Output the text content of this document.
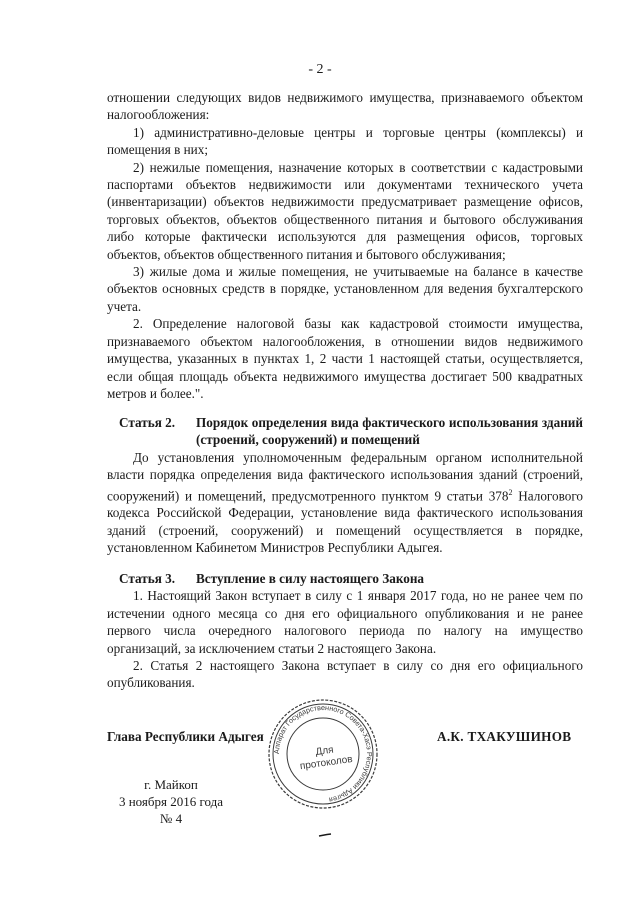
- 2 -

отношении следующих видов недвижимого имущества, признаваемого объектом налогообложения:

1) административно-деловые центры и торговые центры (комплексы) и помещения в них;

2) нежилые помещения, назначение которых в соответствии с кадастровыми паспортами объектов недвижимости или документами технического учета (инвентаризации) объектов недвижимости предусматривает размещение офисов, торговых объектов, объектов общественного питания и бытового обслуживания либо которые фактически используются для размещения офисов, торговых объектов, объектов общественного питания и бытового обслуживания;

3) жилые дома и жилые помещения, не учитываемые на балансе в качестве объектов основных средств в порядке, установленном для ведения бухгалтерского учета.

2. Определение налоговой базы как кадастровой стоимости имущества, признаваемого объектом налогообложения, в отношении видов недвижимого имущества, указанных в пунктах 1, 2 части 1 настоящей статьи, осуществляется, если общая площадь объекта недвижимого имущества достигает 500 квадратных метров и более.".

Статья 2.	Порядок определения вида фактического использования зданий (строений, сооружений) и помещений

До установления уполномоченным федеральным органом исполнительной власти порядка определения вида фактического использования зданий (строений, сооружений) и помещений, предусмотренного пунктом 9 статьи $378^2$ Налогового кодекса Российской Федерации, установление вида фактического использования зданий (строений, сооружений) и помещений осуществляется в порядке, установленном Кабинетом Министров Республики Адыгея.

Статья 3.	Вступление в силу настоящего Закона

1. Настоящий Закон вступает в силу с 1 января 2017 года, но не ранее чем по истечении одного месяца со дня его официального опубликования и не ранее первого числа очередного налогового периода по налогу на имущество организаций, за исключением статьи 2 настоящего Закона.

2. Статья 2 настоящего Закона вступает в силу со дня его официального опубликования.

Глава Республики Адыгея	А.К. ТХАКУШИНОВ
г. Майкоп
3 ноября 2016 года
№ 4
Аппарат Государственного Совета-Хасэ Республики Адыгея
Для
протоколов
